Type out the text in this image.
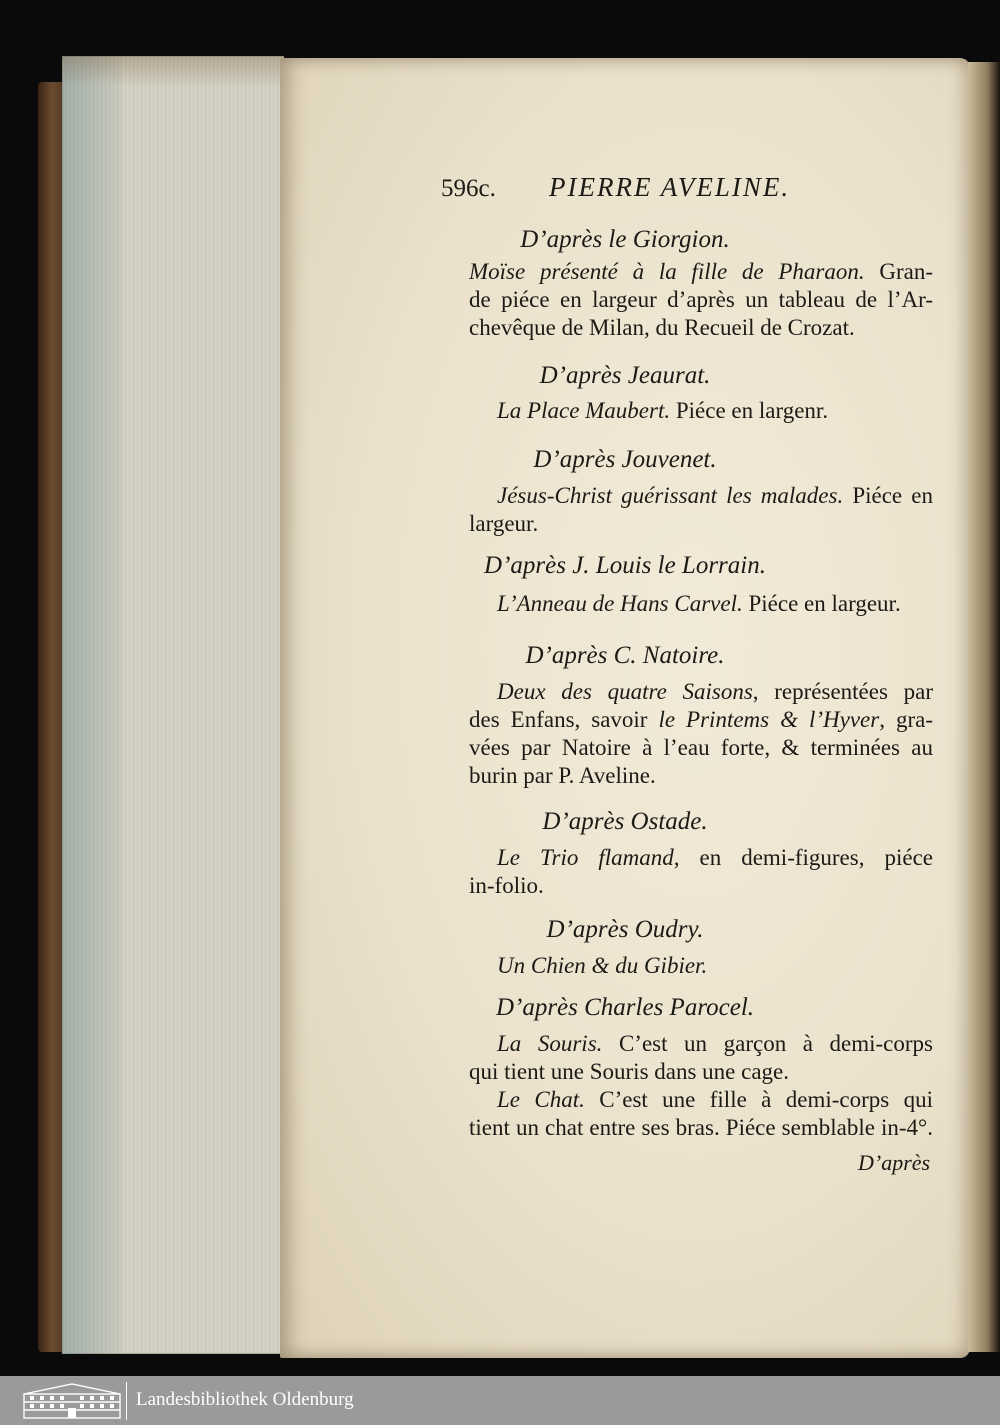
596c. PIERRE AVELINE.
D’après le Giorgion.
Moïse présenté à la fille de Pharaon. Gran-
de piéce en largeur d’après un tableau de l’Ar-
chevêque de Milan, du Recueil de Crozat.
D’après Jeaurat.
La Place Maubert. Piéce en largenr.
D’après Jouvenet.
Jésus-Christ guérissant les malades. Piéce en
largeur.
D’après J. Louis le Lorrain.
L’Anneau de Hans Carvel. Piéce en largeur.
D’après C. Natoire.
Deux des quatre Saisons, représentées par
des Enfans, savoir le Printems & l’Hyver, gra-
vées par Natoire à l’eau forte, & terminées au
burin par P. Aveline.
D’après Ostade.
Le Trio flamand, en demi-figures, piéce
in-folio.
D’après Oudry.
Un Chien & du Gibier.
D’après Charles Parocel.
La Souris. C’est un garçon à demi-corps
qui tient une Souris dans une cage.
Le Chat. C’est une fille à demi-corps qui
tient un chat entre ses bras. Piéce semblable in-4°.
D’après
Landesbibliothek Oldenburg
